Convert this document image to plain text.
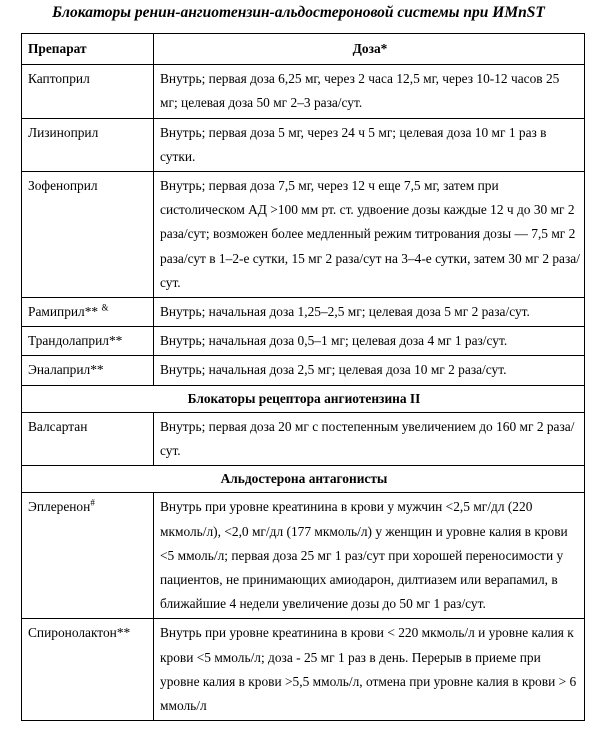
Блокаторы ренин-ангиотензин-альдостероновой системы при ИМпST
Препарат	Доза*
Каптоприл	Внутрь; первая доза 6,25 мг, через 2 часа 12,5 мг, через 10-12 часов 25 мг; целевая доза 50 мг 2–3 раза/сут.
Лизиноприл	Внутрь; первая доза 5 мг, через 24 ч 5 мг; целевая доза 10 мг 1 раз в сутки.
Зофеноприл	Внутрь; первая доза 7,5 мг, через 12 ч еще 7,5 мг, затем при систолическом АД >100 мм рт. ст. удвоение дозы каждые 12 ч до 30 мг 2 раза/сут; возможен более медленный режим титрования дозы — 7,5 мг 2 раза/сут в 1–2-е сутки, 15 мг 2 раза/сут на 3–4-е сутки, затем 30 мг 2 раза/сут.
Рамиприл** &	Внутрь; начальная доза 1,25–2,5 мг; целевая доза 5 мг 2 раза/сут.
Трандолаприл**	Внутрь; начальная доза 0,5–1 мг; целевая доза 4 мг 1 раз/сут.
Эналаприл**	Внутрь; начальная доза 2,5 мг; целевая доза 10 мг 2 раза/сут.
Блокаторы рецептора ангиотензина II	
Валсартан	Внутрь; первая доза 20 мг с постепенным увеличением до 160 мг 2 раза/сут.
Альдостерона антагонисты	
Эплеренон#	Внутрь при уровне креатинина в крови у мужчин <2,5 мг/дл (220 мкмоль/л), <2,0 мг/дл (177 мкмоль/л) у женщин и уровне калия в крови <5 ммоль/л; первая доза 25 мг 1 раз/сут при хорошей переносимости у пациентов, не принимающих амиодарон, дилтиазем или верапамил, в ближайшие 4 недели увеличение дозы до 50 мг 1 раз/сут.
Спиронолактон**	Внутрь при уровне креатинина в крови < 220 мкмоль/л и уровне калия к крови <5 ммоль/л; доза - 25 мг 1 раз в день. Перерыв в приеме при уровне калия в крови >5,5 ммоль/л, отмена при уровне калия в крови > 6 ммоль/л
